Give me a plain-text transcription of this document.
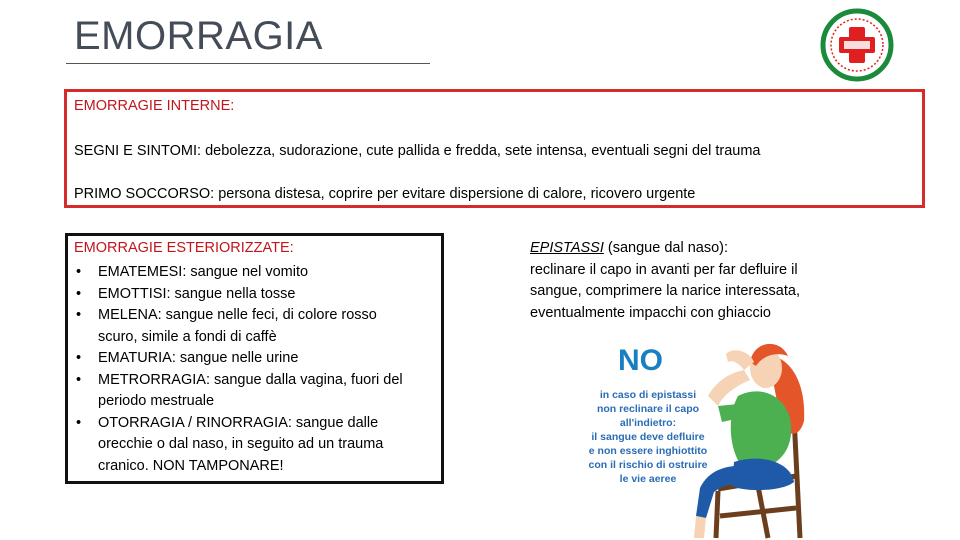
EMORRAGIA
EMORRAGIE INTERNE:
SEGNI E SINTOMI: debolezza, sudorazione, cute pallida e fredda, sete intensa, eventuali segni del trauma
PRIMO SOCCORSO: persona distesa, coprire per evitare dispersione di calore, ricovero urgente
EMORRAGIE ESTERIORIZZATE:
• EMATEMESI: sangue nel vomito
• EMOTTISI: sangue nella tosse
• MELENA: sangue nelle feci, di colore rosso
scuro, simile a fondi di caffè
• EMATURIA: sangue nelle urine
• METRORRAGIA: sangue dalla vagina, fuori del
periodo mestruale
• OTORRAGIA / RINORRAGIA: sangue dalle
orecchie o dal naso, in seguito ad un trauma
cranico. NON TAMPONARE!
EPISTASSI (sangue dal naso):
reclinare il capo in avanti per far defluire il
sangue, comprimere la narice interessata,
eventualmente impacchi con ghiaccio
NO
in caso di epistassi
non reclinare il capo
all'indietro:
il sangue deve defluire
e non essere inghiottito
con il rischio di ostruire
le vie aeree
